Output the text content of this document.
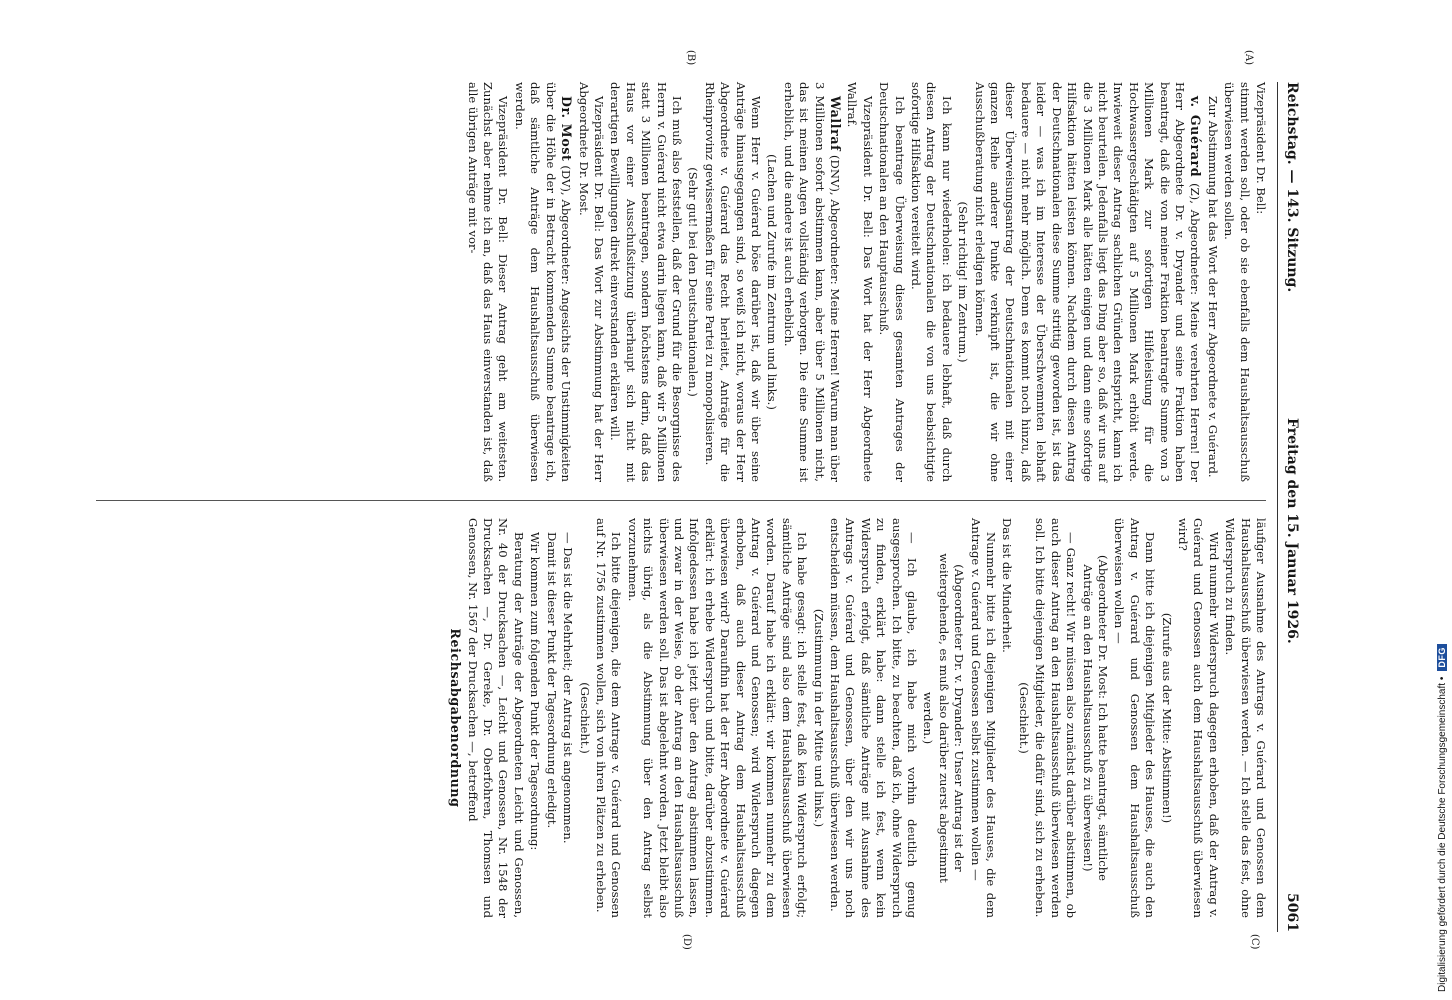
Digitalisierung gefördert durch die Deutsche Forschungsgemeinschaft •
DFG
Reichstag. — 143. Sitzung.
Freitag den 15. Januar 1926.
5061
(A)
(B)
(C)
(D)

Vizepräsident Dr. Bell:

stimmt werden soll, oder ob sie ebenfalls dem Haushaltsausschuß überwiesen werden sollen.

Zur Abstimmung hat das Wort der Herr Abgeordnete v. Guérard.

v. Guérard (Z), Abgeordneter: Meine verehrten Herren! Der Herr Abgeordnete Dr. v. Dryander und seine Fraktion haben beantragt, daß die von meiner Fraktion beantragte Summe von 3 Millionen Mark zur sofortigen Hilfeleistung für die Hochwassergeschädigten auf 5 Millionen Mark erhöht werde. Inwieweit dieser Antrag sachlichen Gründen entspricht, kann ich nicht beurteilen. Jedenfalls liegt das Ding aber so, daß wir uns auf die 3 Millionen Mark alle hätten einigen und dann eine sofortige Hilfsaktion hätten leisten können. Nachdem durch diesen Antrag der Deutschnationalen diese Summe strittig geworden ist, ist das leider — was ich im Interesse der Überschwemmten lebhaft bedauere — nicht mehr möglich. Denn es kommt noch hinzu, daß dieser Überweisungsantrag der Deutschnationalen mit einer ganzen Reihe anderer Punkte verknüpft ist, die wir ohne Ausschußberatung nicht erledigen können.

(Sehr richtig! im Zentrum.)

Ich kann nur wiederholen: ich bedauere lebhaft, daß durch diesen Antrag der Deutschnationalen die von uns beabsichtigte sofortige Hilfsaktion vereitelt wird.

Ich beantrage Überweisung dieses gesamten Antrages der Deutschnationalen an den Hauptausschuß.

Vizepräsident Dr. Bell: Das Wort hat der Herr Abgeordnete Wallraf.

Wallraf (DNV), Abgeordneter: Meine Herren! Warum man über 3 Millionen sofort abstimmen kann, aber über 5 Millionen nicht, das ist meinen Augen vollständig verborgen. Die eine Summe ist erheblich, und die andere ist auch erheblich.

(Lachen und Zurufe im Zentrum und links.)

Wenn Herr v. Guérard böse darüber ist, daß wir über seine Anträge hinausgegangen sind, so weiß ich nicht, woraus der Herr Abgeordnete v. Guérard das Recht herleitet, Anträge für die Rheinprovinz gewissermaßen für seine Partei zu monopolisieren.

(Sehr gut! bei den Deutschnationalen.)

Ich muß also feststellen, daß der Grund für die Besorgnisse des Herrn v. Guérard nicht etwa darin liegen kann, daß wir 5 Millionen statt 3 Millionen beantragen, sondern höchstens darin, daß das Haus vor einer Ausschußsitzung überhaupt sich nicht mit derartigen Bewilligungen direkt einverstanden erklären will.

Vizepräsident Dr. Bell: Das Wort zur Abstimmung hat der Herr Abgeordnete Dr. Most.

Dr. Most (DV), Abgeordneter: Angesichts der Unstimmigkeiten über die Höhe der in Betracht kommenden Summe beantrage ich, daß sämtliche Anträge dem Haushaltsausschuß überwiesen werden.

Vizepräsident Dr. Bell: Dieser Antrag geht am weitesten. Zunächst aber nehme ich an, daß das Haus einverstanden ist, daß alle übrigen Anträge mit vor-

läufiger Ausnahme des Antrags v. Guérard und Genossen dem Haushaltsausschuß überwiesen werden. — Ich stelle das fest, ohne Widerspruch zu finden.

Wird nunmehr Widerspruch dagegen erhoben, daß der Antrag v. Guérard und Genossen auch dem Haushaltsausschuß überwiesen wird?

(Zurufe aus der Mitte: Abstimmen!)

Dann bitte ich diejenigen Mitglieder des Hauses, die auch den Antrag v. Guérard und Genossen dem Haushaltsausschuß überweisen wollen —

(Abgeordneter Dr. Most: Ich hatte beantragt, sämtliche Anträge an den Haushaltsausschuß zu überweisen!)

— Ganz recht! Wir müssen also zunächst darüber abstimmen, ob auch dieser Antrag an den Haushaltsausschuß überwiesen werden soll. Ich bitte diejenigen Mitglieder, die dafür sind, sich zu erheben.

(Geschieht.)

Das ist die Minderheit.

Nunmehr bitte ich diejenigen Mitglieder des Hauses, die dem Antrage v. Guérard und Genossen selbst zustimmen wollen —

(Abgeordneter Dr. v. Dryander: Unser Antrag ist der weitergehende, es muß also darüber zuerst abgestimmt werden.)

— Ich glaube, ich habe mich vorhin deutlich genug ausgesprochen. Ich bitte, zu beachten, daß ich, ohne Widerspruch zu finden, erklärt habe: dann stelle ich fest, wenn kein Widerspruch erfolgt, daß sämtliche Anträge mit Ausnahme des Antrags v. Guérard und Genossen, über den wir uns noch entscheiden müssen, dem Haushaltsausschuß überwiesen werden.

(Zustimmung in der Mitte und links.)

Ich habe gesagt: ich stelle fest, daß kein Widerspruch erfolgt; sämtliche Anträge sind also dem Haushaltsausschuß überwiesen worden. Darauf habe ich erklärt: wir kommen nunmehr zu dem Antrag v. Guérard und Genossen; wird Widerspruch dagegen erhoben, daß auch dieser Antrag dem Haushaltsausschuß überwiesen wird? Daraufhin hat der Herr Abgeordnete v. Guérard erklärt: ich erhebe Widerspruch und bitte, darüber abzustimmen. Infolgedessen habe ich jetzt über den Antrag abstimmen lassen, und zwar in der Weise, ob der Antrag an den Haushaltsausschuß überwiesen werden soll. Das ist abgelehnt worden. Jetzt bleibt also nichts übrig, als die Abstimmung über den Antrag selbst vorzunehmen.

Ich bitte diejenigen, die dem Antrage v. Guérard und Genossen auf Nr. 1756 zustimmen wollen, sich von ihren Plätzen zu erheben.

(Geschieht.)

— Das ist die Mehrheit; der Antrag ist angenommen.

Damit ist dieser Punkt der Tagesordnung erledigt.

Wir kommen zum folgenden Punkt der Tagesordnung:

Beratung der Anträge der Abgeordneten Leicht und Genossen, Nr. 40 der Drucksachen —, Leicht und Genossen, Nr. 1548 der Drucksachen —, Dr. Gereke, Dr. Oberfohren, Thomsen und Genossen, Nr. 1567 der Drucksachen —, betreffend

Reichsabgabenordnung
